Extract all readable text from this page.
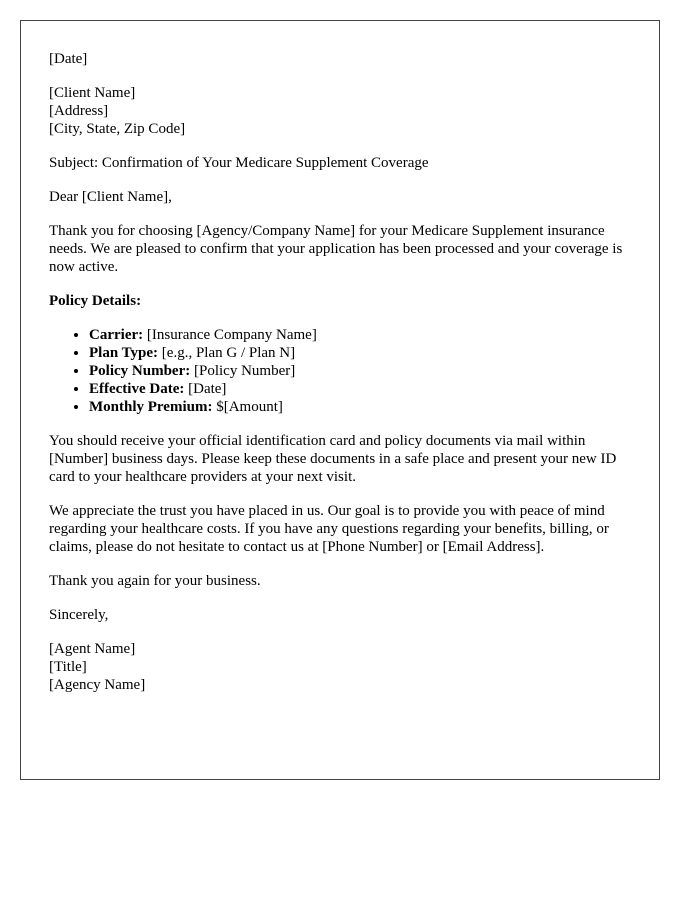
[Date]

[Client Name]
[Address]
[City, State, Zip Code]

Subject: Confirmation of Your Medicare Supplement Coverage

Dear [Client Name],

Thank you for choosing [Agency/Company Name] for your Medicare Supplement insurance needs. We are pleased to confirm that your application has been processed and your coverage is now active.

Policy Details:

• Carrier: [Insurance Company Name]
• Plan Type: [e.g., Plan G / Plan N]
• Policy Number: [Policy Number]
• Effective Date: [Date]
• Monthly Premium: $[Amount]

You should receive your official identification card and policy documents via mail within [Number] business days. Please keep these documents in a safe place and present your new ID card to your healthcare providers at your next visit.

We appreciate the trust you have placed in us. Our goal is to provide you with peace of mind regarding your healthcare costs. If you have any questions regarding your benefits, billing, or claims, please do not hesitate to contact us at [Phone Number] or [Email Address].

Thank you again for your business.

Sincerely,

[Agent Name]
[Title]
[Agency Name]
